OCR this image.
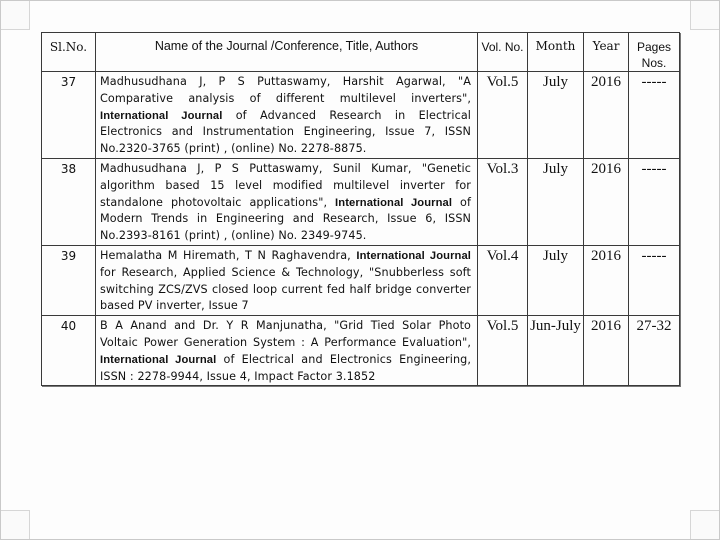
Sl.No.	Name of the Journal /Conference, Title, Authors	Vol. No.	Month	Year	Pages Nos.
37	Madhusudhana J, P S Puttaswamy, Harshit Agarwal, "A Comparative analysis of different multilevel inverters", International Journal of Advanced Research in Electrical Electronics and Instrumentation Engineering, Issue 7, ISSN No.2320-3765 (print) , (online) No. 2278-8875.	Vol.5	July	2016	-----
38	Madhusudhana J, P S Puttaswamy, Sunil Kumar, "Genetic algorithm based 15 level modified multilevel inverter for standalone photovoltaic applications", International Journal of Modern Trends in Engineering and Research, Issue 6, ISSN No.2393-8161 (print) , (online) No. 2349-9745.	Vol.3	July	2016	-----
39	Hemalatha M Hiremath, T N Raghavendra, International Journal for Research, Applied Science & Technology, "Snubberless soft switching ZCS/ZVS closed loop current fed half bridge converter based PV inverter, Issue 7	Vol.4	July	2016	-----
40	B A Anand and Dr. Y R Manjunatha, "Grid Tied Solar Photo Voltaic Power Generation System : A Performance Evaluation", International Journal of Electrical and Electronics Engineering, ISSN : 2278-9944, Issue 4, Impact Factor 3.1852	Vol.5	Jun-July	2016	27-32
